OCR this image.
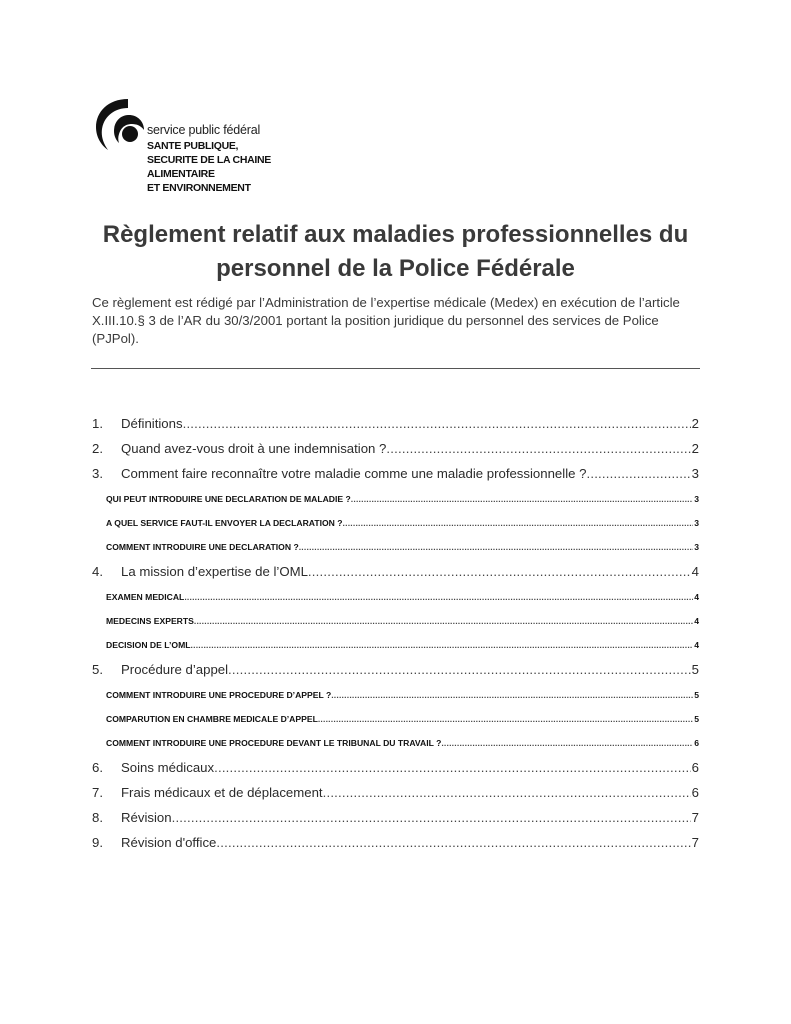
service public fédéral
SANTE PUBLIQUE,
SECURITE DE LA CHAINE ALIMENTAIRE
ET ENVIRONNEMENT
Règlement relatif aux maladies professionnelles du
personnel de la Police Fédérale
Ce règlement est rédigé par l’Administration de l’expertise médicale (Medex) en exécution de l’article
X.III.10.§ 3 de l’AR du 30/3/2001 portant la position juridique du personnel des services de Police
(PJPol).
1.	Définitions .....	2
2.	Quand avez-vous droit à une indemnisation ? .....	2
3.	Comment faire reconnaître votre maladie comme une maladie professionnelle ? .....	3
QUI PEUT INTRODUIRE UNE DECLARATION DE MALADIE ? .....	3
A QUEL SERVICE FAUT-IL ENVOYER LA DECLARATION ? .....	3
COMMENT INTRODUIRE UNE DECLARATION ? .....	3
4.	La mission d’expertise de l’OML .....	4
EXAMEN MEDICAL .....	4
MEDECINS EXPERTS .....	4
DECISION DE L’OML .....	4
5.	Procédure d’appel .....	5
COMMENT INTRODUIRE UNE PROCEDURE D’APPEL ? .....	5
COMPARUTION EN CHAMBRE MEDICALE D’APPEL .....	5
COMMENT INTRODUIRE UNE PROCEDURE DEVANT LE TRIBUNAL DU TRAVAIL ? .....	6
6.	Soins médicaux .....	6
7.	Frais médicaux et de déplacement .....	6
8.	Révision .....	7
9.	Révision d'office .....	7
